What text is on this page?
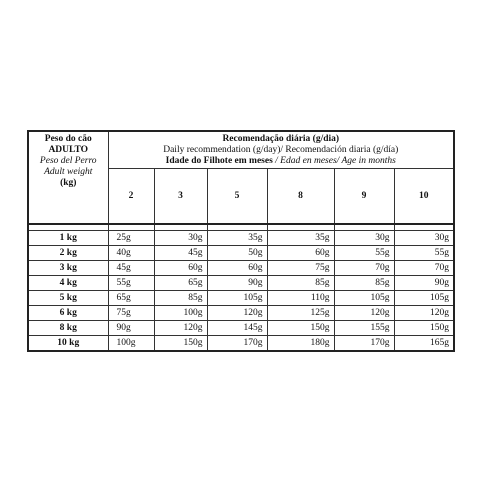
Peso do cão
ADULTO
Peso del Perro
Adult weight
(kg)	Recomendação diária (g/dia)
Daily recommendation (g/day)/ Recomendación diaria (g/día)
Idade do Filhote em meses / Edad en meses/ Age in months					

	2	3	5	8	9	10

1 kg	25g	30g	35g	35g	30g	30g
2 kg	40g	45g	50g	60g	55g	55g
3 kg	45g	60g	60g	75g	70g	70g
4 kg	55g	65g	90g	85g	85g	90g
5 kg	65g	85g	105g	110g	105g	105g
6 kg	75g	100g	120g	125g	120g	120g
8 kg	90g	120g	145g	150g	155g	150g
10 kg	100g	150g	170g	180g	170g	165g
